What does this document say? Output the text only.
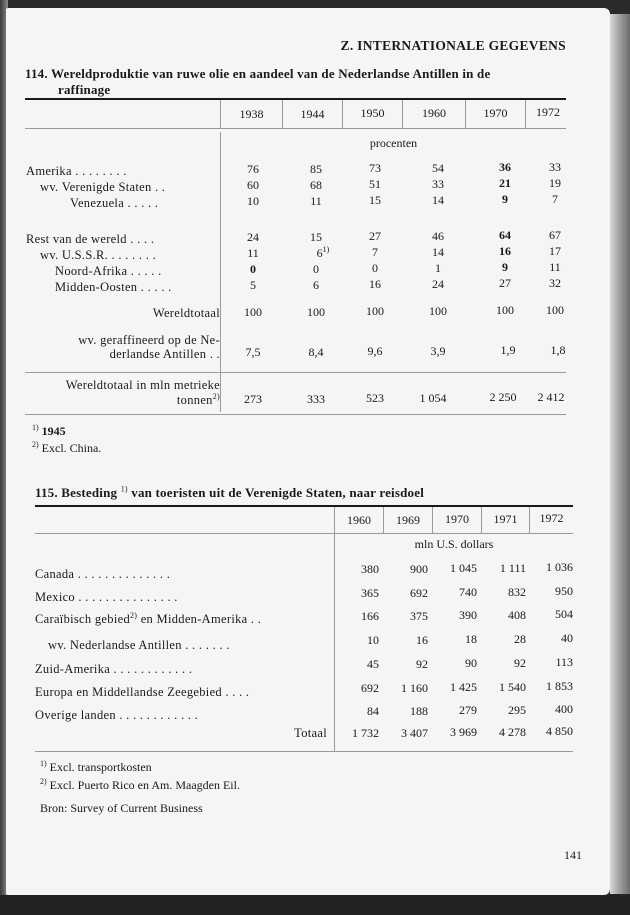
Z. INTERNATIONALE GEGEVENS
114. Wereldproduktie van ruwe olie en aandeel van de Nederlandse Antillen in de
raffinage
1938	1944	1950	1960	1970	1972
procenten
Amerika . . . . . . . .	76	85	73	54	36	33
wv. Verenigde Staten . .	60	68	51	33	21	19
Venezuela . . . . .	10	11	15	14	9	7
Rest van de wereld . . . .	24	15	27	46	64	67
wv. U.S.S.R. . . . . . . .	11	6$^{1)}$	7	14	16	17
Noord-Afrika . . . . .	0	0	0	1	9	11
Midden-Oosten . . . . .	5	6	16	24	27	32
Wereldtotaal	100	100	100	100	100	100
wv. geraffineerd op de Ne-
derlandse Antillen . .	7,5	8,4	9,6	3,9	1,9	1,8
Wereldtotaal in mln metrieke
tonnen$^{2)}$	273	333	523	1 054	2 250	2 412
$^{1)}$ 1945
$^{2)}$ Excl. China.
115. Besteding $^{1)}$ van toeristen uit de Verenigde Staten, naar reisdoel
1960	1969	1970	1971	1972
mln U.S. dollars
Canada . . . . . . . . . . . . . .	380	900	1 045	1 111	1 036
Mexico . . . . . . . . . . . . . . .	365	692	740	832	950
Caraïbisch gebied$^{2)}$ en Midden-Amerika . .	166	375	390	408	504
wv. Nederlandse Antillen . . . . . . .	10	16	18	28	40
Zuid-Amerika . . . . . . . . . . . .	45	92	90	92	113
Europa en Middellandse Zeegebied . . . .	692	1 160	1 425	1 540	1 853
Overige landen . . . . . . . . . . . .	84	188	279	295	400
Totaal	1 732	3 407	3 969	4 278	4 850
$^{1)}$ Excl. transportkosten
$^{2)}$ Excl. Puerto Rico en Am. Maagden Eil.
Bron: Survey of Current Business
141
